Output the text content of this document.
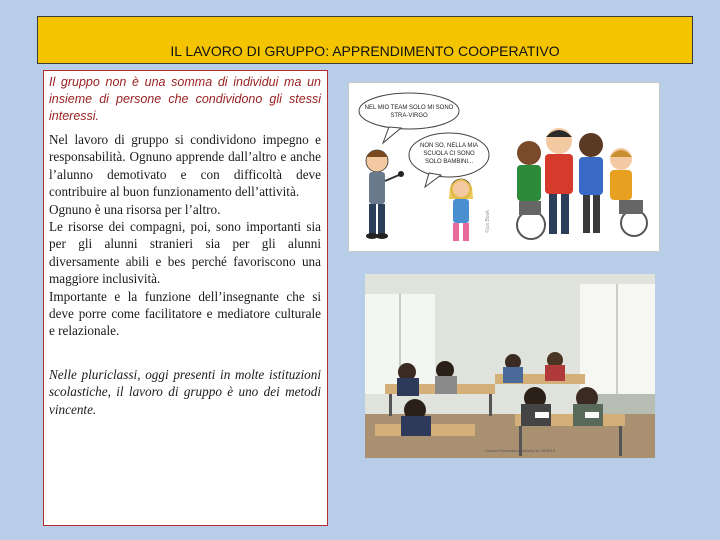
IL LAVORO DI GRUPPO: APPRENDIMENTO COOPERATIVO

Il gruppo non è una somma di individui ma un insieme di persone che condividono gli stessi interessi.

Nel lavoro di gruppo si condividono impegno e responsabilità. Ognuno apprende dall’altro e anche l’alunno demotivato e con difficoltà deve contribuire al buon funzionamento dell’attività.

Ognuno è una risorsa per l’altro.

Le risorse dei compagni, poi, sono importanti sia per gli alunni stranieri sia per gli alunni diversamente abili e bes perché favoriscono una maggiore inclusività.

Importante e la funzione dell’insegnante che si deve porre come facilitatore e mediatore culturale e relazionale.

Nelle pluriclassi, oggi presenti in molte istituzioni scolastiche, il lavoro di gruppo è uno dei metodi vincente.

NEL MIO TEAM SOLO MI SONO
STRA-VIRGO
NON SO, NELLA MIA
SCUOLA CI SONO
SOLO BAMBINI...
©jux Book
Scuola Elementare Tuttavia 3a 2015/16
